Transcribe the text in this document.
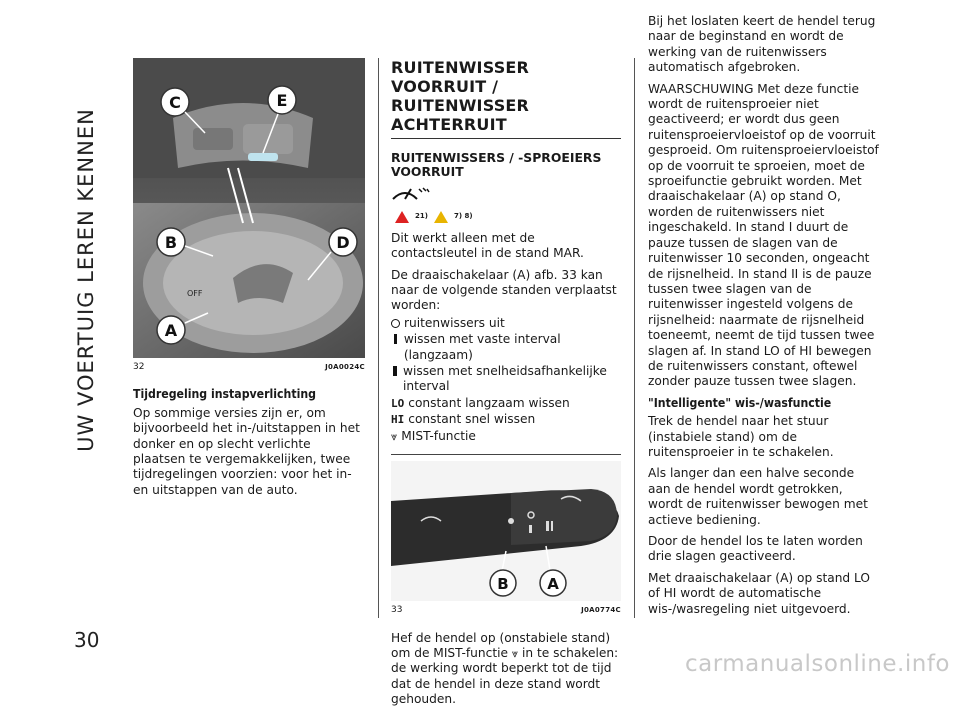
UW VOERTUIG LEREN KENNEN
30
C	E
B	D
A
OFF
32	J0A0024C
Tijdregeling instapverlichting

Op sommige versies zijn er, om bijvoorbeeld het in-/uitstappen in het donker en op slecht verlichte plaatsen te vergemakkelijken, twee tijdregelingen voorzien: voor het in- en uitstappen van de auto.

RUITENWISSER VOORRUIT / RUITENWISSER ACHTERRUIT
RUITENWISSERS / -SPROEIERS VOORRUIT
21)	7) 8)

Dit werkt alleen met de contactsleutel in de stand MAR.

De draaischakelaar (A) afb. 33 kan naar de volgende standen verplaatst worden:

ruitenwissers uit
wissen met vaste interval (langzaam)
wissen met snelheidsafhankelijke interval
LO constant langzaam wissen
HI constant snel wissen
⩔ MIST-functie
B	A
33	J0A0774C

Hef de hendel op (onstabiele stand) om de MIST-functie ⩔ in te schakelen: de werking wordt beperkt tot de tijd dat de hendel in deze stand wordt gehouden.

Bij het loslaten keert de hendel terug naar de beginstand en wordt de werking van de ruitenwissers automatisch afgebroken.

WAARSCHUWING Met deze functie wordt de ruitensproeier niet geactiveerd; er wordt dus geen ruitensproeiervloeistof op de voorruit gesproeid. Om ruitensproeiervloeistof op de voorruit te sproeien, moet de sproeifunctie gebruikt worden. Met draaischakelaar (A) op stand O, worden de ruitenwissers niet ingeschakeld. In stand I duurt de pauze tussen de slagen van de ruitenwisser 10 seconden, ongeacht de rijsnelheid. In stand II is de pauze tussen twee slagen van de ruitenwisser ingesteld volgens de rijsnelheid: naarmate de rijsnelheid toeneemt, neemt de tijd tussen twee slagen af. In stand LO of HI bewegen de ruitenwissers constant, oftewel zonder pauze tussen twee slagen.

"Intelligente" wis-/wasfunctie

Trek de hendel naar het stuur (instabiele stand) om de ruitensproeier in te schakelen.

Als langer dan een halve seconde aan de hendel wordt getrokken, wordt de ruitenwisser bewogen met actieve bediening.

Door de hendel los te laten worden drie slagen geactiveerd.

Met draaischakelaar (A) op stand LO of HI wordt de automatische wis-/wasregeling niet uitgevoerd.

carmanualsonline.info
